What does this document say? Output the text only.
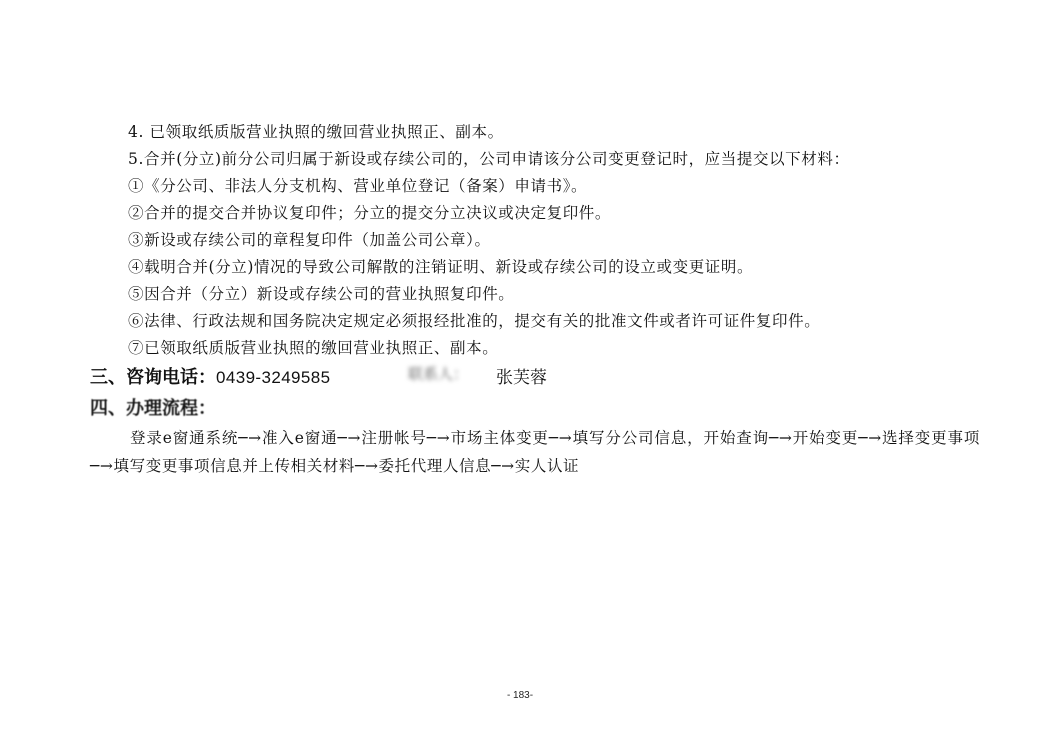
4. 已领取纸质版营业执照的缴回营业执照正、副本。
5.合并(分立)前分公司归属于新设或存续公司的，公司申请该分公司变更登记时，应当提交以下材料：
①《分公司、非法人分支机构、营业单位登记（备案）申请书》。
②合并的提交合并协议复印件；分立的提交分立决议或决定复印件。
③新设或存续公司的章程复印件（加盖公司公章）。
④载明合并(分立)情况的导致公司解散的注销证明、新设或存续公司的设立或变更证明。
⑤因合并（分立）新设或存续公司的营业执照复印件。
⑥法律、行政法规和国务院决定规定必须报经批准的，提交有关的批准文件或者许可证件复印件。
⑦已领取纸质版营业执照的缴回营业执照正、副本。
三、咨询电话：0439-3249585	联系人： 张芙蓉
四、办理流程：
登录e窗通系统─→准入e窗通─→注册帐号─→市场主体变更─→填写分公司信息，开始查询─→开始变更─→选择变更事项─→填写变更事项信息并上传相关材料─→委托代理人信息─→实人认证
- 183-
